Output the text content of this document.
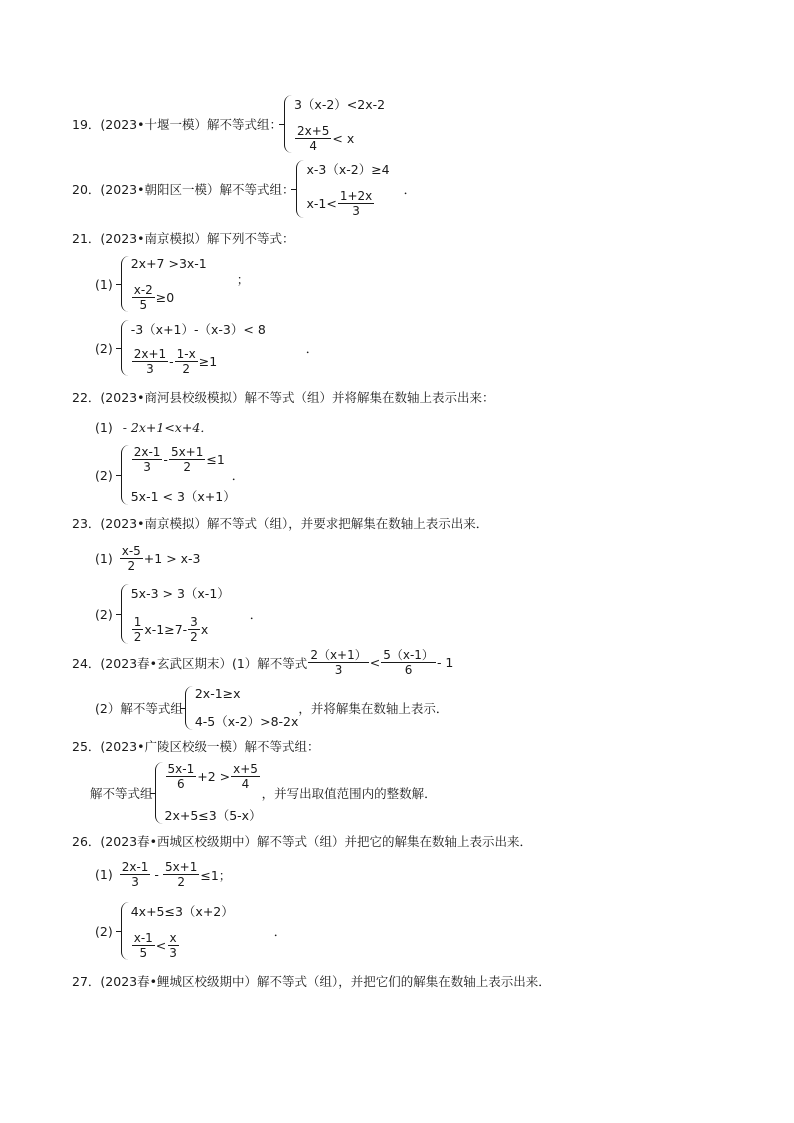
19．(2023•十堰一模）解不等式组：
3（x-2）<2x-2
$\frac{2x+5}{4} < x$
20．(2023•朝阳区一模）解不等式组：
x-3（x-2）≥4
$x-1< \frac{1+2x}{3}$ ．
21．(2023•南京模拟）解下列不等式：
(1)
2x+7 >3x-1
$\frac{x-2}{5} \ge 0$
；
(2)
-3（x+1）-（x-3）< 8
$\frac{2x+1}{3} - \frac{1-x}{2} \ge 1$
．
22．(2023•商河县校级模拟）解不等式（组）并将解集在数轴上表示出来：
(1) - 2x+1<x+4．
(2)
$\frac{2x-1}{3} - \frac{5x+1}{2} \le 1$
5x-1 < 3（x+1）
．
23．(2023•南京模拟）解不等式（组），并要求把解集在数轴上表示出来．
$(1) \frac{x-5}{2} +1 > x-3$
(2)
5x-3 > 3（x-1）
$\frac{1}{2} x-1\ge 7- \frac{3}{2}$ x
．
24．(2023春•玄武区期末）(1）解不等式 $\frac{2(x+1)}{3} < \frac{5(x-1)}{6} - 1$
(2）解不等式组
2x-1≥x
4-5（x-2）>8-2x
，并将解集在数轴上表示．
25．(2023•广陵区校级一模）解不等式组：
解不等式组
$\frac{5x-1}{6} +2 > \frac{x+5}{4}$
2x+5≤3（5-x）
，并写出取值范围内的整数解．
26．(2023春•西城区校级期中）解不等式（组）并把它的解集在数轴上表示出来．
$(1) \frac{2x-1}{3} - \frac{5x+1}{2} \le 1$；
(2)
4x+5≤3（x+2）
$\frac{x-1}{5} < \frac{x}{3}$	．
27．(2023春•鲤城区校级期中）解不等式（组），并把它们的解集在数轴上表示出来．
